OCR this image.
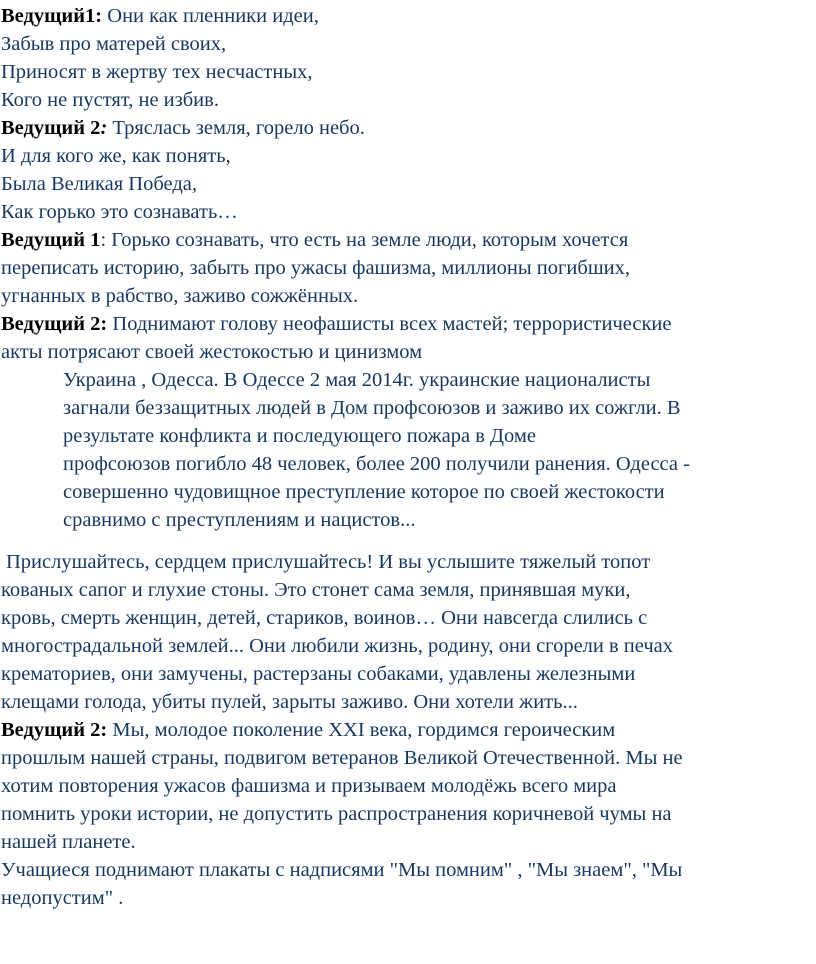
Ведущий1: Они как пленники идеи,
Забыв про матерей своих,
Приносят в жертву тех несчастных,
Кого не пустят, не избив.
Ведущий 2: Тряслась земля, горело небо.
И для кого же, как понять,
Была Великая Победа,
Как горько это сознавать…
Ведущий 1: Горько сознавать, что есть на земле люди, которым хочется
переписать историю, забыть про ужасы фашизма, миллионы погибших,
угнанных в рабство, заживо сожжённых.
Ведущий 2: Поднимают голову неофашисты всех мастей; террористические
акты потрясают своей жестокостью и цинизмом
Украина , Одесса. В Одессе 2 мая 2014г. украинские националисты
загнали беззащитных людей в Дом профсоюзов и заживо их сожгли. В
результате конфликта и последующего пожара в Доме
профсоюзов погибло 48 человек, более 200 получили ранения. Одесса -
совершенно чудовищное преступление которое по своей жестокости
сравнимо с преступлениям и нацистов...
Прислушайтесь, сердцем прислушайтесь! И вы услышите тяжелый топот
кованых сапог и глухие стоны. Это стонет сама земля, принявшая муки,
кровь, смерть женщин, детей, стариков, воинов… Они навсегда слились с
многострадальной землей... Они любили жизнь, родину, они сгорели в печах
крематориев, они замучены, растерзаны собаками, удавлены железными
клещами голода, убиты пулей, зарыты заживо. Они хотели жить...
Ведущий 2: Мы, молодое поколение XXI века, гордимся героическим
прошлым нашей страны, подвигом ветеранов Великой Отечественной. Мы не
хотим повторения ужасов фашизма и призываем молодёжь всего мира
помнить уроки истории, не допустить распространения коричневой чумы на
нашей планете.
Учащиеся поднимают плакаты с надписями "Мы помним" , "Мы знаем", "Мы
недопустим" .
